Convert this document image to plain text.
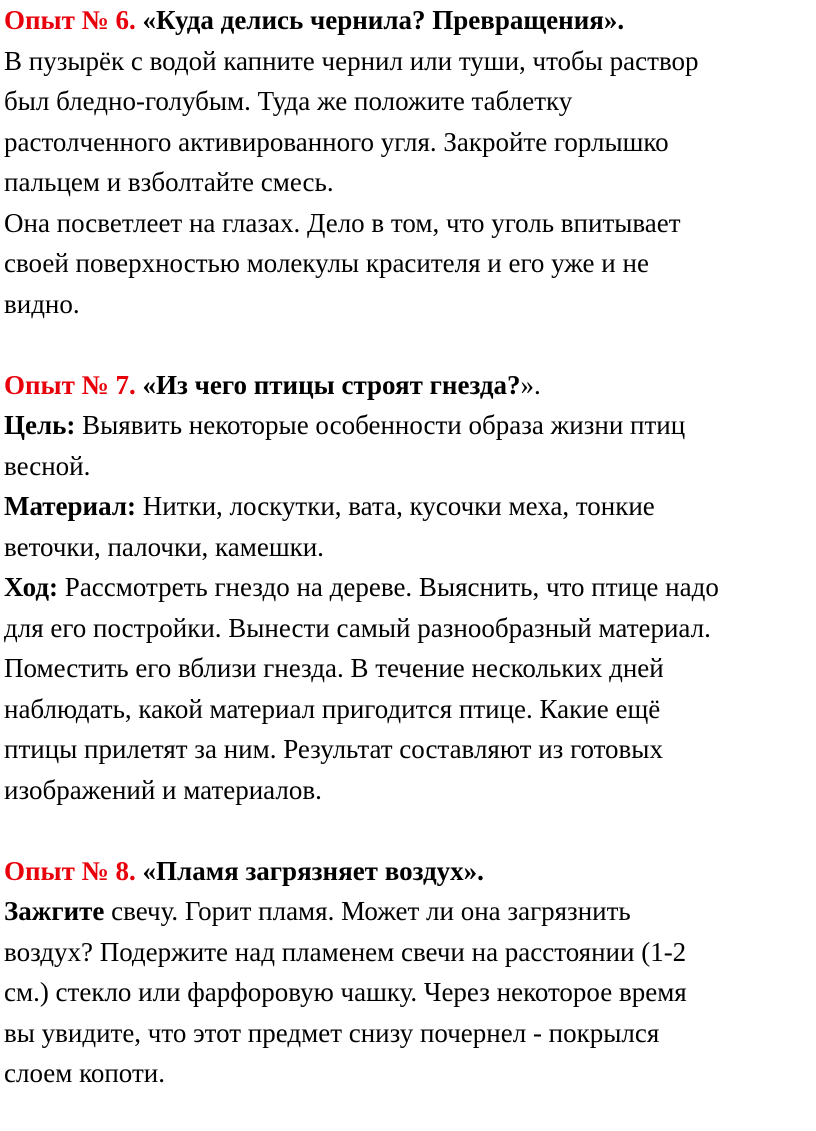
Опыт № 6. «Куда делись чернила? Превращения».
В пузырёк с водой капните чернил или туши, чтобы раствор
был бледно-голубым. Туда же положите таблетку
растолченного активированного угля. Закройте горлышко
пальцем и взболтайте смесь.
Она посветлеет на глазах. Дело в том, что уголь впитывает
своей поверхностью молекулы красителя и его уже и не
видно.
Опыт № 7. «Из чего птицы строят гнезда?».
Цель: Выявить некоторые особенности образа жизни птиц
весной.
Материал: Нитки, лоскутки, вата, кусочки меха, тонкие
веточки, палочки, камешки.
Ход: Рассмотреть гнездо на дереве. Выяснить, что птице надо
для его постройки. Вынести самый разнообразный материал.
Поместить его вблизи гнезда. В течение нескольких дней
наблюдать, какой материал пригодится птице. Какие ещё
птицы прилетят за ним. Результат составляют из готовых
изображений и материалов.
Опыт № 8. «Пламя загрязняет воздух».
Зажгите свечу. Горит пламя. Может ли она загрязнить
воздух? Подержите над пламенем свечи на расстоянии (1-2
см.) стекло или фарфоровую чашку. Через некоторое время
вы увидите, что этот предмет снизу почернел - покрылся
слоем копоти.
